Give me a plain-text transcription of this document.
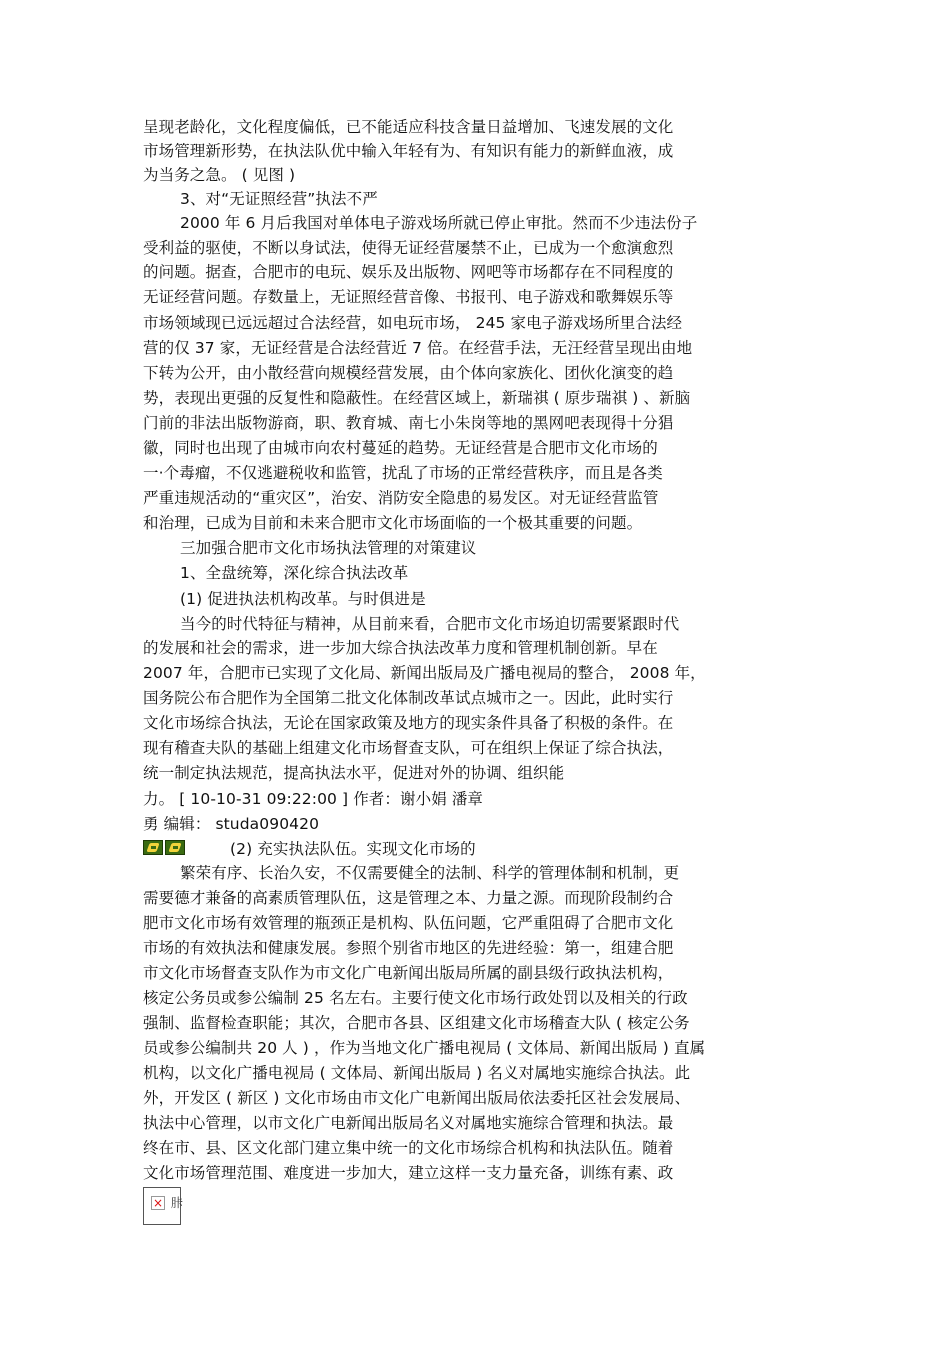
呈现老龄化，文化程度偏低，已不能适应科技含量日益增加、飞速发展的文化
市场管理新形势，在执法队优中输入年轻有为、有知识有能力的新鲜血液，成
为当务之急。 ( 见图 )
3、对“无证照经营”执法不严
2000 年 6 月后我国对单体电子游戏场所就已停止审批。然而不少违法份子
受利益的驱使，不断以身试法，使得无证经营屡禁不止，已成为一个愈演愈烈
的问题。据查，合肥市的电玩、娱乐及出版物、网吧等市场都存在不同程度的
无证经营问题。存数量上，无证照经营音像、书报刊、电子游戏和歌舞娱乐等
市场领域现已远远超过合法经营，如电玩市场， 245 家电子游戏场所里合法经
营的仅 37 家，无证经营是合法经营近 7 倍。在经营手法，无汪经营呈现出由地
下转为公开，由小散经营向规模经营发展，由个体向家族化、团伙化演变的趋
势，表现出更强的反复性和隐蔽性。在经营区域上，新瑞祺 ( 原步瑞祺 ) 、新脑
门前的非法出版物游商，职、教育城、南七小朱岗等地的黑网吧表现得十分猖
徽，同时也出现了由城市向农村蔓延的趋势。无证经营是合肥市文化市场的
一·个毒瘤，不仅逃避税收和监管，扰乱了市场的正常经营秩序，而且是各类
严重违规活动的“重灾区”，治安、消防安全隐患的易发区。对无证经营监管
和治理，已成为目前和未来合肥市文化市场面临的一个极其重要的问题。
三加强合肥市文化市场执法管理的对策建议
1、全盘统筹，深化综合执法改革
(1) 促进执法机构改革。与时俱进是
当今的时代特征与精神，从目前来看，合肥市文化市场迫切需要紧跟时代
的发展和社会的需求，进一步加大综合执法改革力度和管理机制创新。早在
2007 年，合肥市已实现了文化局、新闻出版局及广播电视局的整合， 2008 年，
国务院公布合肥作为全国第二批文化体制改革试点城市之一。因此，此时实行
文化市场综合执法，无论在国家政策及地方的现实条件具备了积极的条件。在
现有稽查夫队的基础上组建文化市场督查支队，可在组织上保证了综合执法，
统一制定执法规范，提高执法水平，促进对外的协调、组织能
力。 [ 10-10-31 09:22:00 ] 作者：谢小娟 潘章
勇 编辑： studa090420
(2) 充实执法队伍。实现文化市场的
繁荣有序、长治久安，不仅需要健全的法制、科学的管理体制和机制，更
需要德才兼备的高素质管理队伍，这是管理之本、力量之源。而现阶段制约合
肥市文化市场有效管理的瓶颈正是机构、队伍问题，它严重阻碍了合肥市文化
市场的有效执法和健康发展。参照个别省市地区的先进经验：第一，组建合肥
市文化市场督查支队作为市文化广电新闻出版局所属的副县级行政执法机构，
核定公务员或参公编制 25 名左右。主要行使文化市场行政处罚以及相关的行政
强制、监督检查职能；其次，合肥市各县、区组建文化市场稽查大队 ( 核定公务
员或参公编制共 20 人 ) ，作为当地文化广播电视局 ( 文体局、新闻出版局 ) 直属
机构，以文化广播电视局 ( 文体局、新闻出版局 ) 名义对属地实施综合执法。此
外，开发区 ( 新区 ) 文化市场由市文化广电新闻出版局依法委托区社会发展局、
执法中心管理，以市文化广电新闻出版局名义对属地实施综合管理和执法。最
终在市、县、区文化部门建立集中统一的文化市场综合机构和执法队伍。随着
文化市场管理范围、难度进一步加大，建立这样一支力量充备，训练有素、政
× 胩
